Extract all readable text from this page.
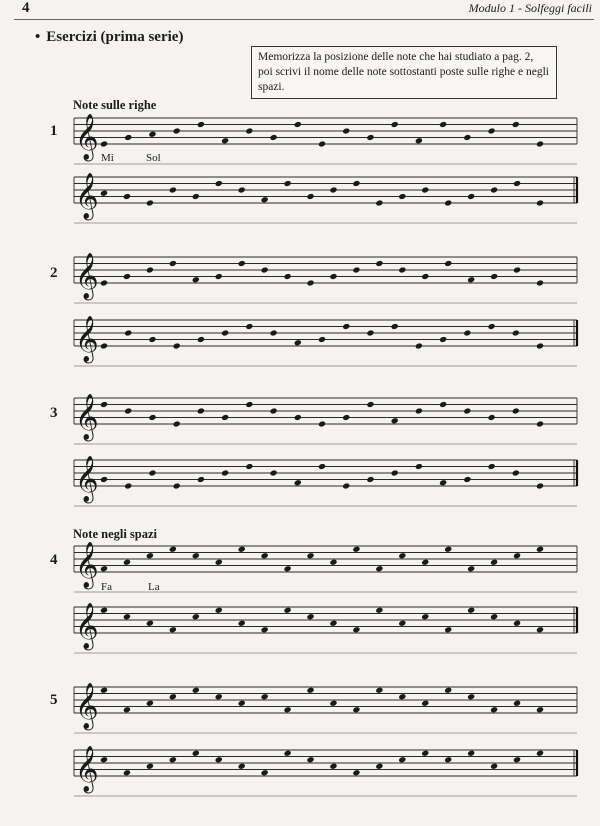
4	Modulo 1 - Solfeggi facili
• Esercizi (prima serie)
Memorizza la posizione delle note che hai studiato a pag. 2, poi scrivi il nome delle note sottostanti poste sulle righe e negli spazi.
Note sulle righe
Note negli spazi
1
2
3
4
5
Mi	Sol
Fa	La
𝄞
𝄞
𝄞
𝄞
𝄞
𝄞
𝄞
𝄞
𝄞
𝄞
